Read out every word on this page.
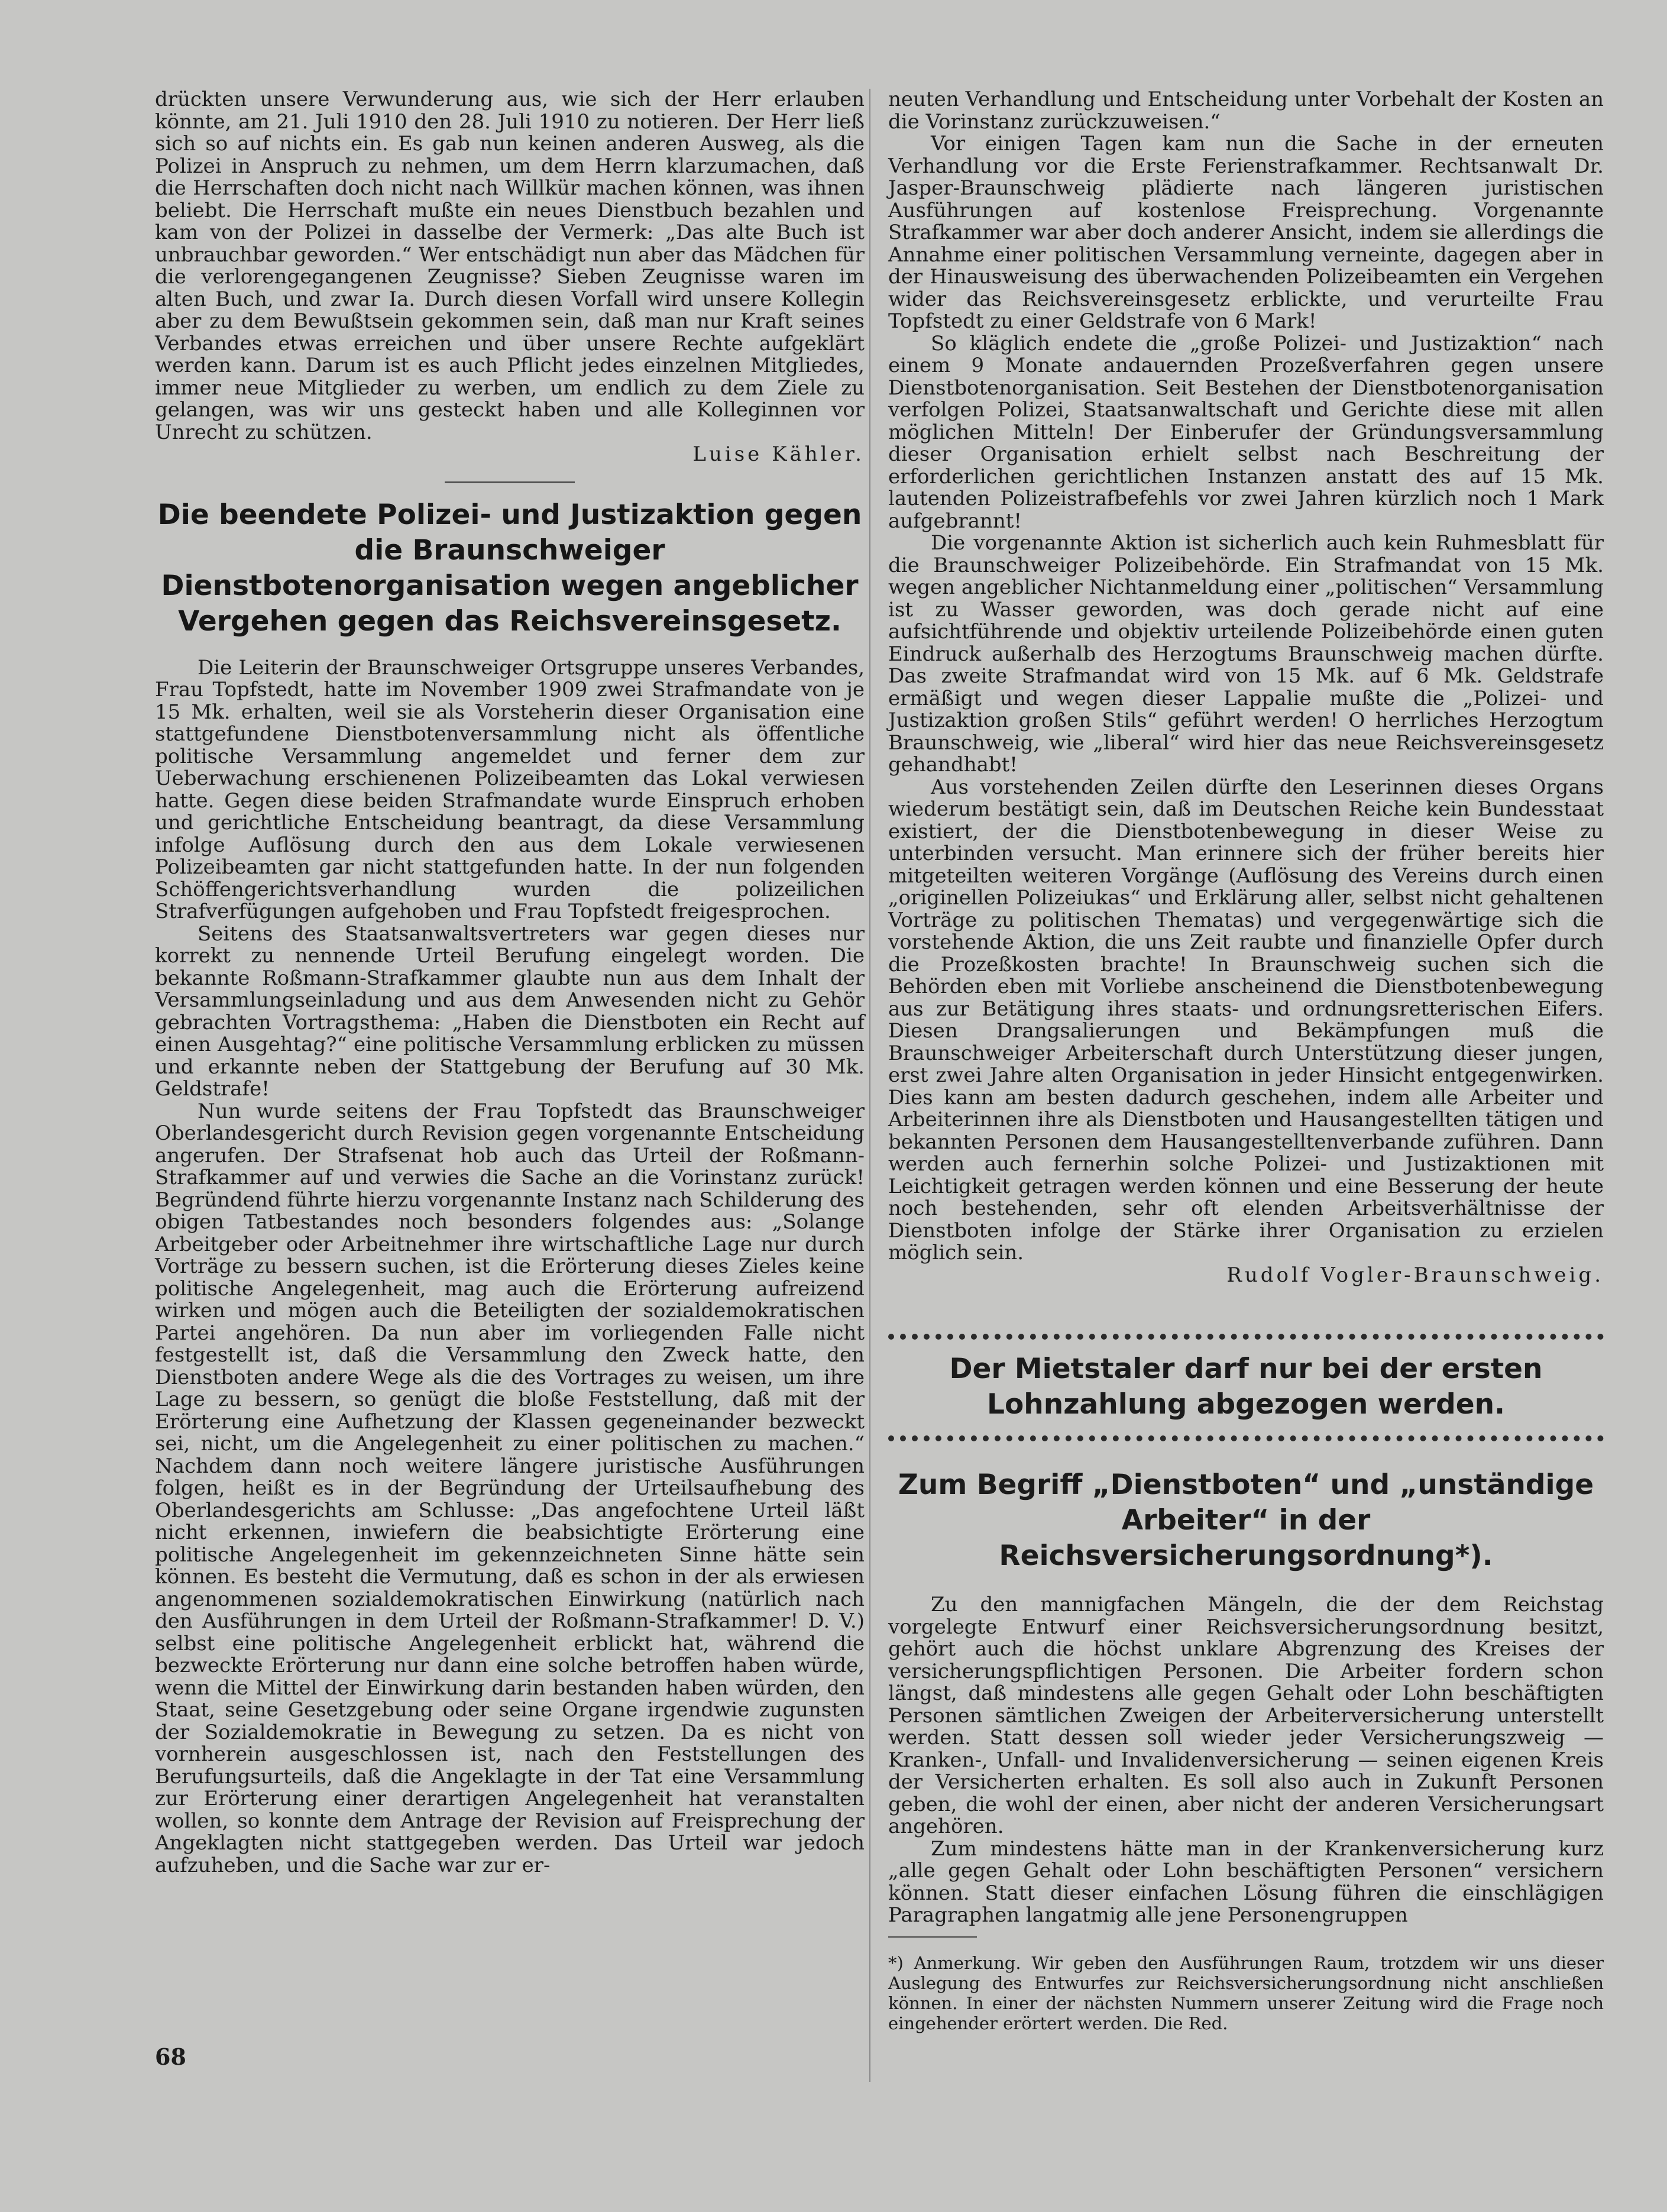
drückten unsere Verwunderung aus, wie sich der Herr erlauben könnte, am 21. Juli 1910 den 28. Juli 1910 zu notieren. Der Herr ließ sich so auf nichts ein. Es gab nun keinen anderen Ausweg, als die Polizei in Anspruch zu nehmen, um dem Herrn klarzumachen, daß die Herrschaften doch nicht nach Willkür machen können, was ihnen beliebt. Die Herrschaft mußte ein neues Dienstbuch bezahlen und kam von der Polizei in dasselbe der Vermerk: „Das alte Buch ist unbrauchbar geworden.“ Wer entschädigt nun aber das Mädchen für die verlorengegangenen Zeugnisse? Sieben Zeugnisse waren im alten Buch, und zwar Ia. Durch diesen Vorfall wird unsere Kollegin aber zu dem Bewußtsein gekommen sein, daß man nur Kraft seines Verbandes etwas erreichen und über unsere Rechte aufgeklärt werden kann. Darum ist es auch Pflicht jedes einzelnen Mitgliedes, immer neue Mitglieder zu werben, um endlich zu dem Ziele zu gelangen, was wir uns gesteckt haben und alle Kolleginnen vor Unrecht zu schützen.

Luise Kähler.

Die beendete Polizei- und Justizaktion gegen die Braunschweiger Dienstbotenorganisation wegen angeblicher Vergehen gegen das Reichsvereinsgesetz.

Die Leiterin der Braunschweiger Ortsgruppe unseres Verbandes, Frau Topfstedt, hatte im November 1909 zwei Strafmandate von je 15 Mk. erhalten, weil sie als Vorsteherin dieser Organisation eine stattgefundene Dienstbotenversammlung nicht als öffentliche politische Versammlung angemeldet und ferner dem zur Ueberwachung erschienenen Polizeibeamten das Lokal verwiesen hatte. Gegen diese beiden Strafmandate wurde Einspruch erhoben und gerichtliche Entscheidung beantragt, da diese Versammlung infolge Auflösung durch den aus dem Lokale verwiesenen Polizeibeamten gar nicht stattgefunden hatte. In der nun folgenden Schöffengerichtsverhandlung wurden die polizeilichen Strafverfügungen aufgehoben und Frau Topfstedt freigesprochen.

Seitens des Staatsanwaltsvertreters war gegen dieses nur korrekt zu nennende Urteil Berufung eingelegt worden. Die bekannte Roßmann-Strafkammer glaubte nun aus dem Inhalt der Versammlungseinladung und aus dem Anwesenden nicht zu Gehör gebrachten Vortragsthema: „Haben die Dienstboten ein Recht auf einen Ausgehtag?“ eine politische Versammlung erblicken zu müssen und erkannte neben der Stattgebung der Berufung auf 30 Mk. Geldstrafe!

Nun wurde seitens der Frau Topfstedt das Braunschweiger Oberlandesgericht durch Revision gegen vorgenannte Entscheidung angerufen. Der Strafsenat hob auch das Urteil der Roßmann-Strafkammer auf und verwies die Sache an die Vorinstanz zurück! Begründend führte hierzu vorgenannte Instanz nach Schilderung des obigen Tatbestandes noch besonders folgendes aus: „Solange Arbeitgeber oder Arbeitnehmer ihre wirtschaftliche Lage nur durch Vorträge zu bessern suchen, ist die Erörterung dieses Zieles keine politische Angelegenheit, mag auch die Erörterung aufreizend wirken und mögen auch die Beteiligten der sozialdemokratischen Partei angehören. Da nun aber im vorliegenden Falle nicht festgestellt ist, daß die Versammlung den Zweck hatte, den Dienstboten andere Wege als die des Vortrages zu weisen, um ihre Lage zu bessern, so genügt die bloße Feststellung, daß mit der Erörterung eine Aufhetzung der Klassen gegeneinander bezweckt sei, nicht, um die Angelegenheit zu einer politischen zu machen.“ Nachdem dann noch weitere längere juristische Ausführungen folgen, heißt es in der Begründung der Urteilsaufhebung des Oberlandesgerichts am Schlusse: „Das angefochtene Urteil läßt nicht erkennen, inwiefern die beabsichtigte Erörterung eine politische Angelegenheit im gekennzeichneten Sinne hätte sein können. Es besteht die Vermutung, daß es schon in der als erwiesen angenommenen sozialdemokratischen Einwirkung (natürlich nach den Ausführungen in dem Urteil der Roßmann-Strafkammer! D. V.) selbst eine politische Angelegenheit erblickt hat, während die bezweckte Erörterung nur dann eine solche betroffen haben würde, wenn die Mittel der Einwirkung darin bestanden haben würden, den Staat, seine Gesetzgebung oder seine Organe irgendwie zugunsten der Sozialdemokratie in Bewegung zu setzen. Da es nicht von vornherein ausgeschlossen ist, nach den Feststellungen des Berufungsurteils, daß die Angeklagte in der Tat eine Versammlung zur Erörterung einer derartigen Angelegenheit hat veranstalten wollen, so konnte dem Antrage der Revision auf Freisprechung der Angeklagten nicht stattgegeben werden. Das Urteil war jedoch aufzuheben, und die Sache war zur er-

68

neuten Verhandlung und Entscheidung unter Vorbehalt der Kosten an die Vorinstanz zurückzuweisen.“

Vor einigen Tagen kam nun die Sache in der erneuten Verhandlung vor die Erste Ferienstrafkammer. Rechtsanwalt Dr. Jasper-Braunschweig plädierte nach längeren juristischen Ausführungen auf kostenlose Freisprechung. Vorgenannte Strafkammer war aber doch anderer Ansicht, indem sie allerdings die Annahme einer politischen Versammlung verneinte, dagegen aber in der Hinausweisung des überwachenden Polizeibeamten ein Vergehen wider das Reichsvereinsgesetz erblickte, und verurteilte Frau Topfstedt zu einer Geldstrafe von 6 Mark!

So kläglich endete die „große Polizei- und Justizaktion“ nach einem 9 Monate andauernden Prozeßverfahren gegen unsere Dienstbotenorganisation. Seit Bestehen der Dienstbotenorganisation verfolgen Polizei, Staatsanwaltschaft und Gerichte diese mit allen möglichen Mitteln! Der Einberufer der Gründungsversammlung dieser Organisation erhielt selbst nach Beschreitung der erforderlichen gerichtlichen Instanzen anstatt des auf 15 Mk. lautenden Polizeistrafbefehls vor zwei Jahren kürzlich noch 1 Mark aufgebrannt!

Die vorgenannte Aktion ist sicherlich auch kein Ruhmesblatt für die Braunschweiger Polizeibehörde. Ein Strafmandat von 15 Mk. wegen angeblicher Nichtanmeldung einer „politischen“ Versammlung ist zu Wasser geworden, was doch gerade nicht auf eine aufsichtführende und objektiv urteilende Polizeibehörde einen guten Eindruck außerhalb des Herzogtums Braunschweig machen dürfte. Das zweite Strafmandat wird von 15 Mk. auf 6 Mk. Geldstrafe ermäßigt und wegen dieser Lappalie mußte die „Polizei- und Justizaktion großen Stils“ geführt werden! O herrliches Herzogtum Braunschweig, wie „liberal“ wird hier das neue Reichsvereinsgesetz gehandhabt!

Aus vorstehenden Zeilen dürfte den Leserinnen dieses Organs wiederum bestätigt sein, daß im Deutschen Reiche kein Bundesstaat existiert, der die Dienstbotenbewegung in dieser Weise zu unterbinden versucht. Man erinnere sich der früher bereits hier mitgeteilten weiteren Vorgänge (Auflösung des Vereins durch einen „originellen Polizeiukas“ und Erklärung aller, selbst nicht gehaltenen Vorträge zu politischen Thematas) und vergegenwärtige sich die vorstehende Aktion, die uns Zeit raubte und finanzielle Opfer durch die Prozeßkosten brachte! In Braunschweig suchen sich die Behörden eben mit Vorliebe anscheinend die Dienstbotenbewegung aus zur Betätigung ihres staats- und ordnungsretterischen Eifers. Diesen Drangsalierungen und Bekämpfungen muß die Braunschweiger Arbeiterschaft durch Unterstützung dieser jungen, erst zwei Jahre alten Organisation in jeder Hinsicht entgegenwirken. Dies kann am besten dadurch geschehen, indem alle Arbeiter und Arbeiterinnen ihre als Dienstboten und Hausangestellten tätigen und bekannten Personen dem Hausangestelltenverbande zuführen. Dann werden auch fernerhin solche Polizei- und Justizaktionen mit Leichtigkeit getragen werden können und eine Besserung der heute noch bestehenden, sehr oft elenden Arbeitsverhältnisse der Dienstboten infolge der Stärke ihrer Organisation zu erzielen möglich sein.

Rudolf Vogler-Braunschweig.

Der Mietstaler darf nur bei der ersten Lohnzahlung abgezogen werden.
Zum Begriff „Dienstboten“ und „unständige Arbeiter“ in der Reichsversicherungsordnung*).

Zu den mannigfachen Mängeln, die der dem Reichstag vorgelegte Entwurf einer Reichsversicherungsordnung besitzt, gehört auch die höchst unklare Abgrenzung des Kreises der versicherungspflichtigen Personen. Die Arbeiter fordern schon längst, daß mindestens alle gegen Gehalt oder Lohn beschäftigten Personen sämtlichen Zweigen der Arbeiterversicherung unterstellt werden. Statt dessen soll wieder jeder Versicherungszweig — Kranken-, Unfall- und Invalidenversicherung — seinen eigenen Kreis der Versicherten erhalten. Es soll also auch in Zukunft Personen geben, die wohl der einen, aber nicht der anderen Versicherungsart angehören.

Zum mindestens hätte man in der Krankenversicherung kurz „alle gegen Gehalt oder Lohn beschäftigten Personen“ versichern können. Statt dieser einfachen Lösung führen die einschlägigen Paragraphen langatmig alle jene Personengruppen

*) Anmerkung. Wir geben den Ausführungen Raum, trotzdem wir uns dieser Auslegung des Entwurfes zur Reichsversicherungsordnung nicht anschließen können. In einer der nächsten Nummern unserer Zeitung wird die Frage noch eingehender erörtert werden. Die Red.
